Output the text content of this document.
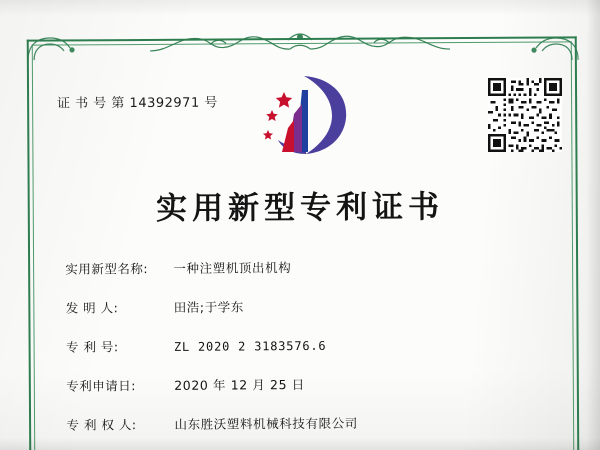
证 书 号 第 14392971 号
实用新型专利证书
实用新型名称:	一种注塑机顶出机构
发 明 人:	田浩;于学东
专 利 号:	ZL 2020 2 3183576.6
专利申请日:	2020 年 12 月 25 日
专 利 权 人:	山东胜沃塑料机械科技有限公司
